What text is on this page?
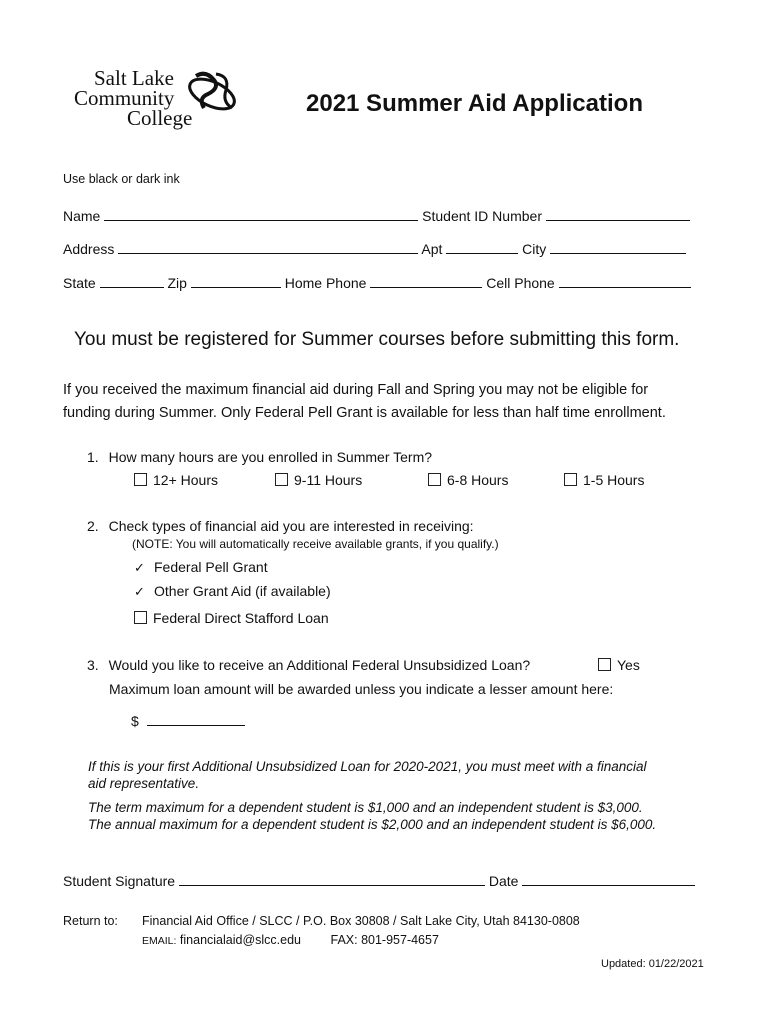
Salt Lake
Community
College
2021 Summer Aid Application
Use black or dark ink
Name	Student ID Number
Address	Apt	City
State	Zip	Home Phone	Cell Phone
You must be registered for Summer courses before submitting this form.
If you received the maximum financial aid during Fall and Spring you may not be eligible for
funding during Summer. Only Federal Pell Grant is available for less than half time enrollment.
1. How many hours are you enrolled in Summer Term?
12+ Hours	9-11 Hours	6-8 Hours	1-5 Hours
2. Check types of financial aid you are interested in receiving:
(NOTE: You will automatically receive available grants, if you qualify.)
✓ Federal Pell Grant
✓ Other Grant Aid (if available)
Federal Direct Stafford Loan
3. Would you like to receive an Additional Federal Unsubsidized Loan?	Yes
Maximum loan amount will be awarded unless you indicate a lesser amount here:
$
If this is your first Additional Unsubsidized Loan for 2020-2021, you must meet with a financial
aid representative.
The term maximum for a dependent student is $1,000 and an independent student is $3,000.
The annual maximum for a dependent student is $2,000 and an independent student is $6,000.
Student Signature	Date
Return to: Financial Aid Office / SLCC / P.O. Box 30808 / Salt Lake City, Utah 84130-0808
EMAIL: financialaid@slcc.edu FAX: 801-957-4657
Updated: 01/22/2021
